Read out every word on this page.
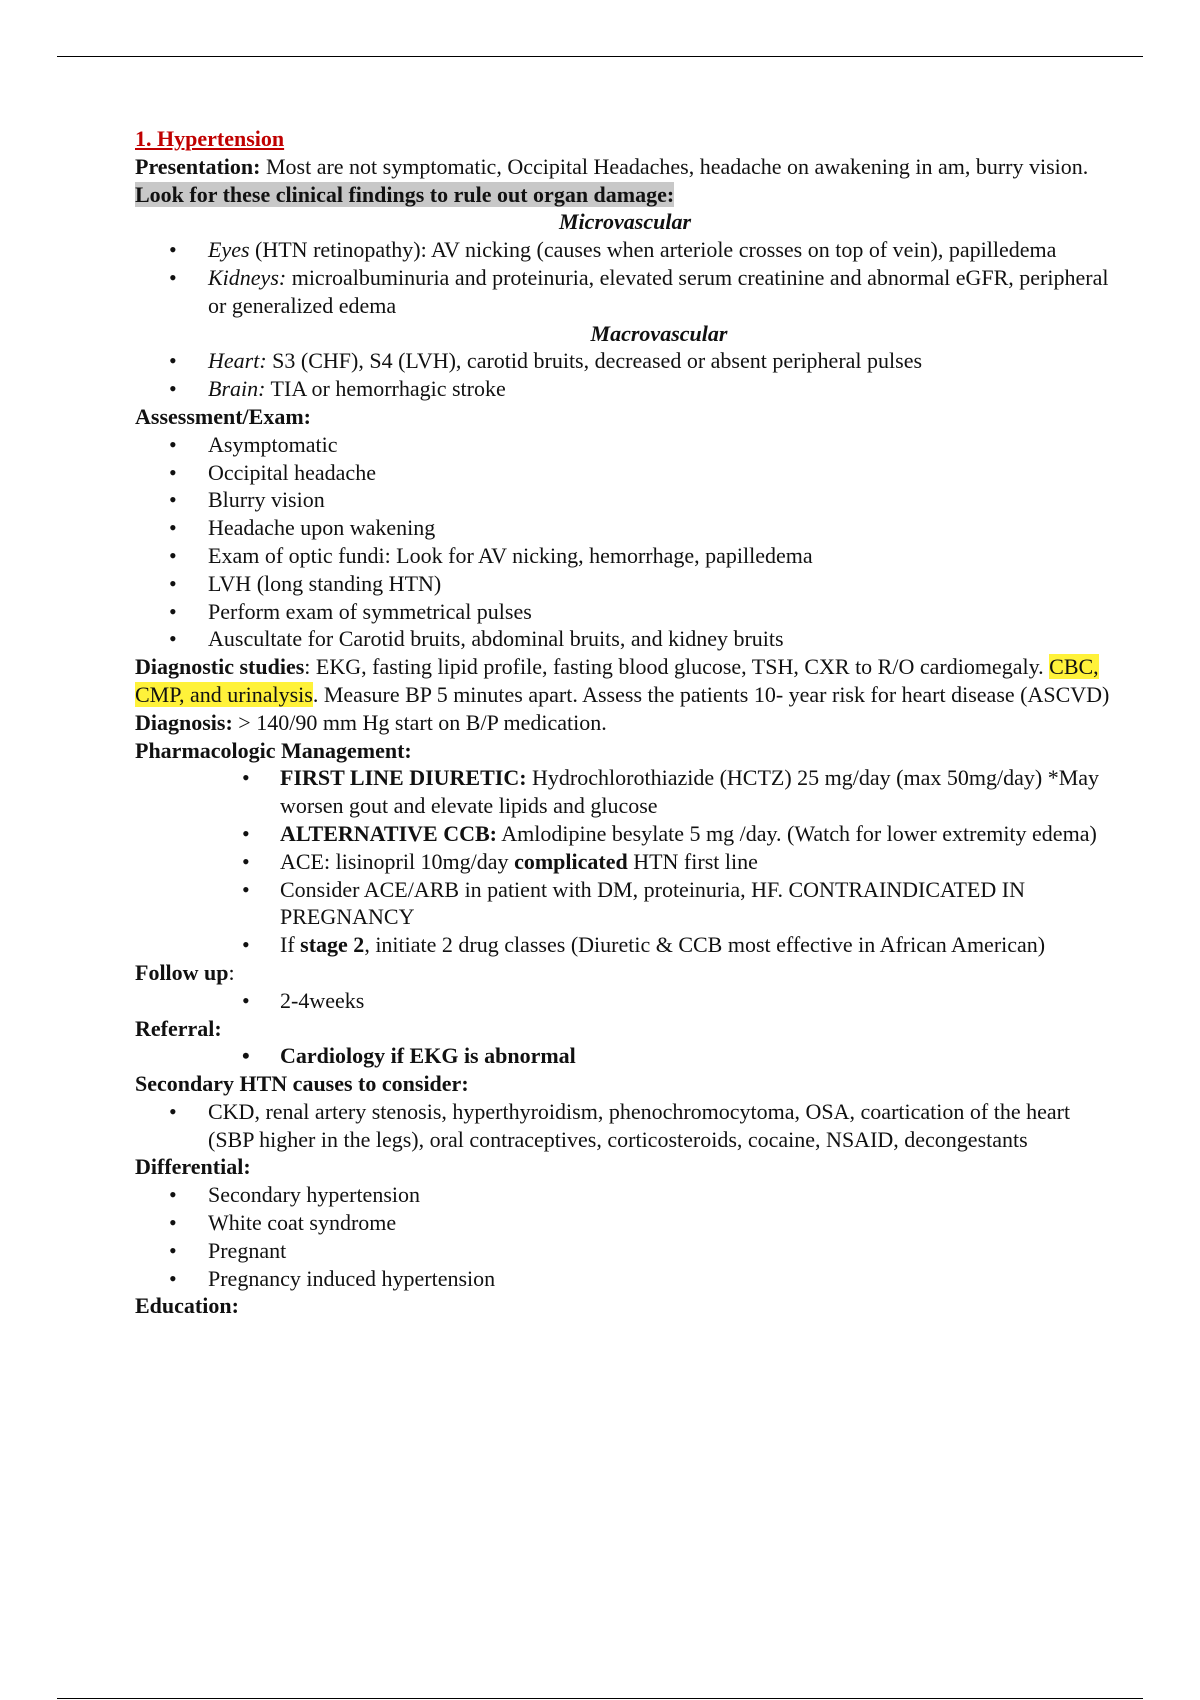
1. Hypertension

Presentation: Most are not symptomatic, Occipital Headaches, headache on awakening in am, burry vision.

Look for these clinical findings to rule out organ damage:

Microvascular

• Eyes (HTN retinopathy): AV nicking (causes when arteriole crosses on top of vein), papilledema
• Kidneys: microalbuminuria and proteinuria, elevated serum creatinine and abnormal eGFR, peripheral or generalized edema

Macrovascular

• Heart: S3 (CHF), S4 (LVH), carotid bruits, decreased or absent peripheral pulses
• Brain: TIA or hemorrhagic stroke

Assessment/Exam:

• Asymptomatic
• Occipital headache
• Blurry vision
• Headache upon wakening
• Exam of optic fundi: Look for AV nicking, hemorrhage, papilledema
• LVH (long standing HTN)
• Perform exam of symmetrical pulses
• Auscultate for Carotid bruits, abdominal bruits, and kidney bruits

Diagnostic studies: EKG, fasting lipid profile, fasting blood glucose, TSH, CXR to R/O cardiomegaly. CBC, CMP, and urinalysis. Measure BP 5 minutes apart. Assess the patients 10- year risk for heart disease (ASCVD)

Diagnosis: > 140/90 mm Hg start on B/P medication.

Pharmacologic Management:

• FIRST LINE DIURETIC: Hydrochlorothiazide (HCTZ) 25 mg/day (max 50mg/day) *May worsen gout and elevate lipids and glucose
• ALTERNATIVE CCB: Amlodipine besylate 5 mg /day. (Watch for lower extremity edema)
• ACE: lisinopril 10mg/day complicated HTN first line
• Consider ACE/ARB in patient with DM, proteinuria, HF. CONTRAINDICATED IN PREGNANCY
• If stage 2, initiate 2 drug classes (Diuretic & CCB most effective in African American)

Follow up:

• 2-4weeks

Referral:

• Cardiology if EKG is abnormal

Secondary HTN causes to consider:

• CKD, renal artery stenosis, hyperthyroidism, phenochromocytoma, OSA, coartication of the heart (SBP higher in the legs), oral contraceptives, corticosteroids, cocaine, NSAID, decongestants

Differential:

• Secondary hypertension
• White coat syndrome
• Pregnant
• Pregnancy induced hypertension

Education:
